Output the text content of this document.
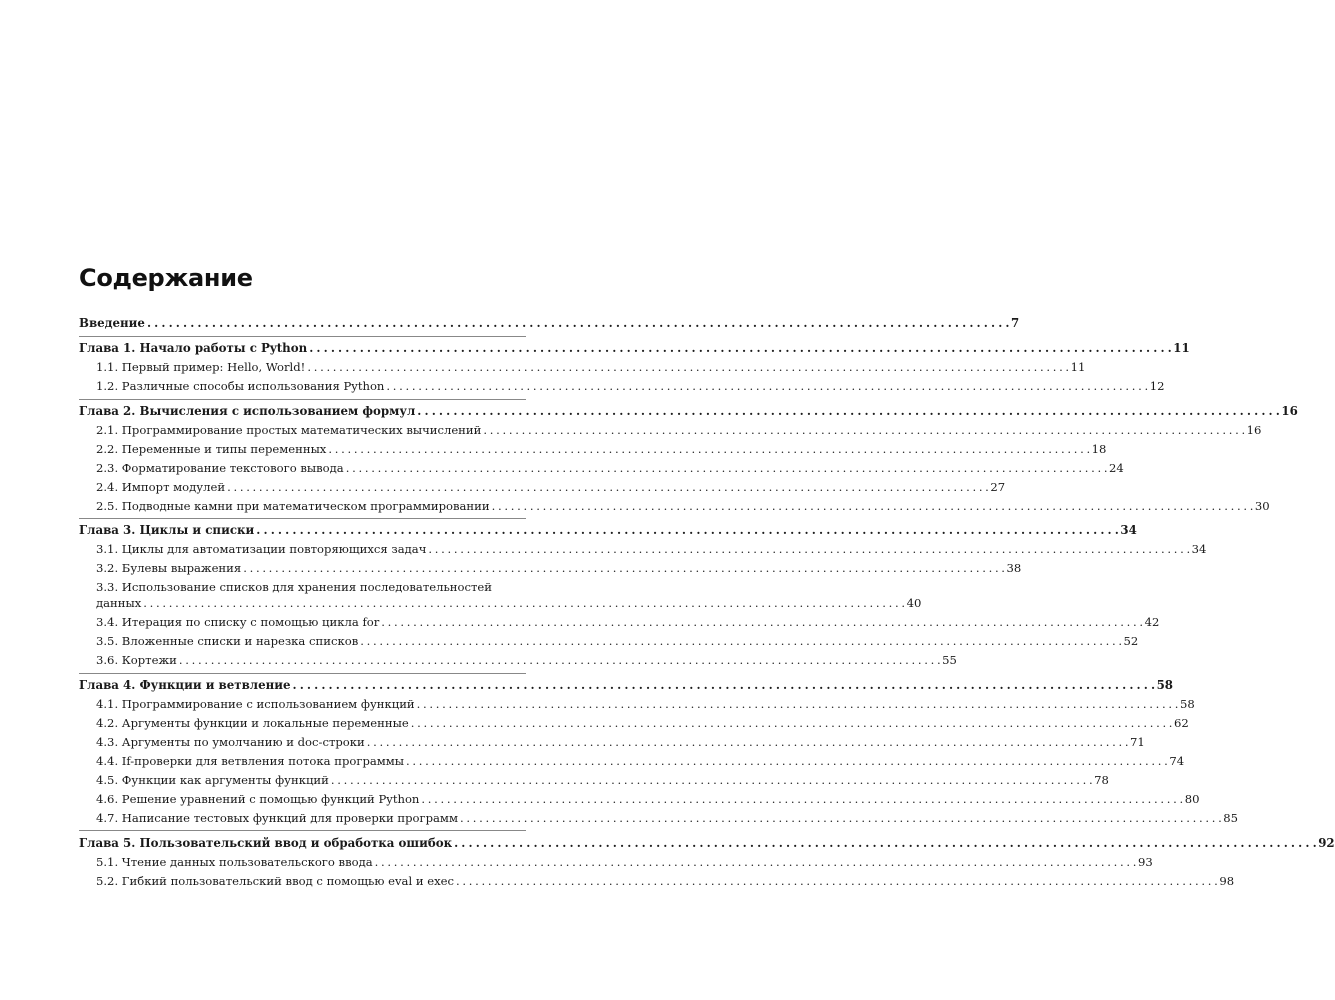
Содержание
Введение . . .	7
Глава 1. Начало работы с Python . . .	11
1.1. Первый пример: Hello, World! . . .	11
1.2. Различные способы использования Python . . .	12
Глава 2. Вычисления с использованием формул . . .	16
2.1. Программирование простых математических вычислений . . .	16
2.2. Переменные и типы переменных . . .	18
2.3. Форматирование текстового вывода . . .	24
2.4. Импорт модулей . . .	27
2.5. Подводные камни при математическом программировании . . .	30
Глава 3. Циклы и списки . . .	34
3.1. Циклы для автоматизации повторяющихся задач . . .	34
3.2. Булевы выражения . . .	38
3.3. Использование списков для хранения последовательностей
данных . . .	40
3.4. Итерация по списку с помощью цикла for . . .	42
3.5. Вложенные списки и нарезка списков . . .	52
3.6. Кортежи . . .	55
Глава 4. Функции и ветвление . . .	58
4.1. Программирование с использованием функций . . .	58
4.2. Аргументы функции и локальные переменные . . .	62
4.3. Аргументы по умолчанию и doc-строки . . .	71
4.4. If-проверки для ветвления потока программы . . .	74
4.5. Функции как аргументы функций . . .	78
4.6. Решение уравнений с помощью функций Python . . .	80
4.7. Написание тестовых функций для проверки программ . . .	85
Глава 5. Пользовательский ввод и обработка ошибок . . .	92
5.1. Чтение данных пользовательского ввода . . .	93
5.2. Гибкий пользовательский ввод с помощью eval и exec . . .	98
